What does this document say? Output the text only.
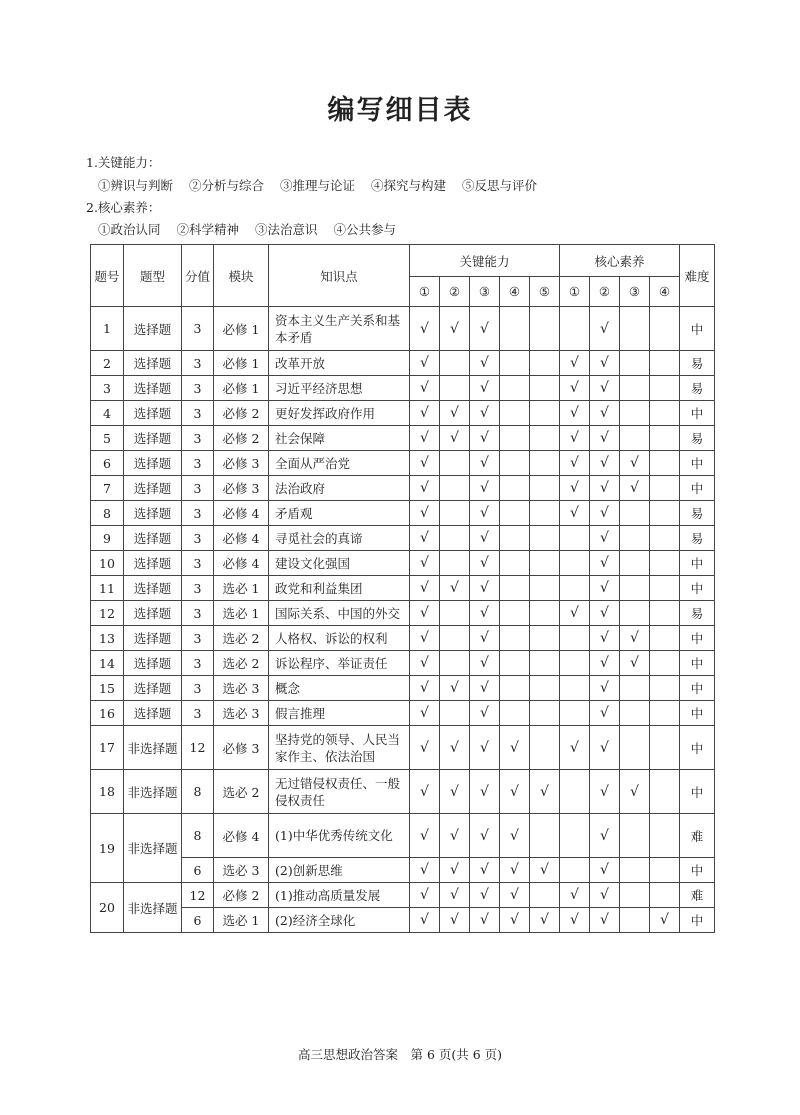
编写细目表
1.关键能力：
①辨识与判断 ②分析与综合 ③推理与论证 ④探究与构建 ⑤反思与评价
2.核心素养：
①政治认同 ②科学精神 ③法治意识 ④公共参与
题号	题型	分值	模块	知识点	关键能力					核心素养				难度
					①	②	③	④	⑤	①	②	③	④	
1	选择题	3	必修 1	资本主义生产关系和基本矛盾	√	√	√				√			中
2	选择题	3	必修 1	改革开放	√		√			√	√			易
3	选择题	3	必修 1	习近平经济思想	√		√			√	√			易
4	选择题	3	必修 2	更好发挥政府作用	√	√	√			√	√			中
5	选择题	3	必修 2	社会保障	√	√	√			√	√			易
6	选择题	3	必修 3	全面从严治党	√		√			√	√	√		中
7	选择题	3	必修 3	法治政府	√		√			√	√	√		中
8	选择题	3	必修 4	矛盾观	√		√			√	√			易
9	选择题	3	必修 4	寻觅社会的真谛	√		√				√			易
10	选择题	3	必修 4	建设文化强国	√		√				√			中
11	选择题	3	选必 1	政党和利益集团	√	√	√				√			中
12	选择题	3	选必 1	国际关系、中国的外交	√		√			√	√			易
13	选择题	3	选必 2	人格权、诉讼的权利	√		√				√	√		中
14	选择题	3	选必 2	诉讼程序、举证责任	√		√				√	√		中
15	选择题	3	选必 3	概念	√	√	√				√			中
16	选择题	3	选必 3	假言推理	√		√				√			中
17	非选择题	12	必修 3	坚持党的领导、人民当家作主、依法治国	√	√	√	√		√	√			中
18	非选择题	8	选必 2	无过错侵权责任、一般侵权责任	√	√	√	√	√		√	√		中
19	非选择题	8	必修 4	(1)中华优秀传统文化	√	√	√	√			√			难
		6	选必 3	(2)创新思维	√	√	√	√	√		√			中
20	非选择题	12	必修 2	(1)推动高质量发展	√	√	√	√		√	√			难
		6	选必 1	(2)经济全球化	√	√	√	√	√	√	√		√	中
高三思想政治答案　第 6 页(共 6 页)
